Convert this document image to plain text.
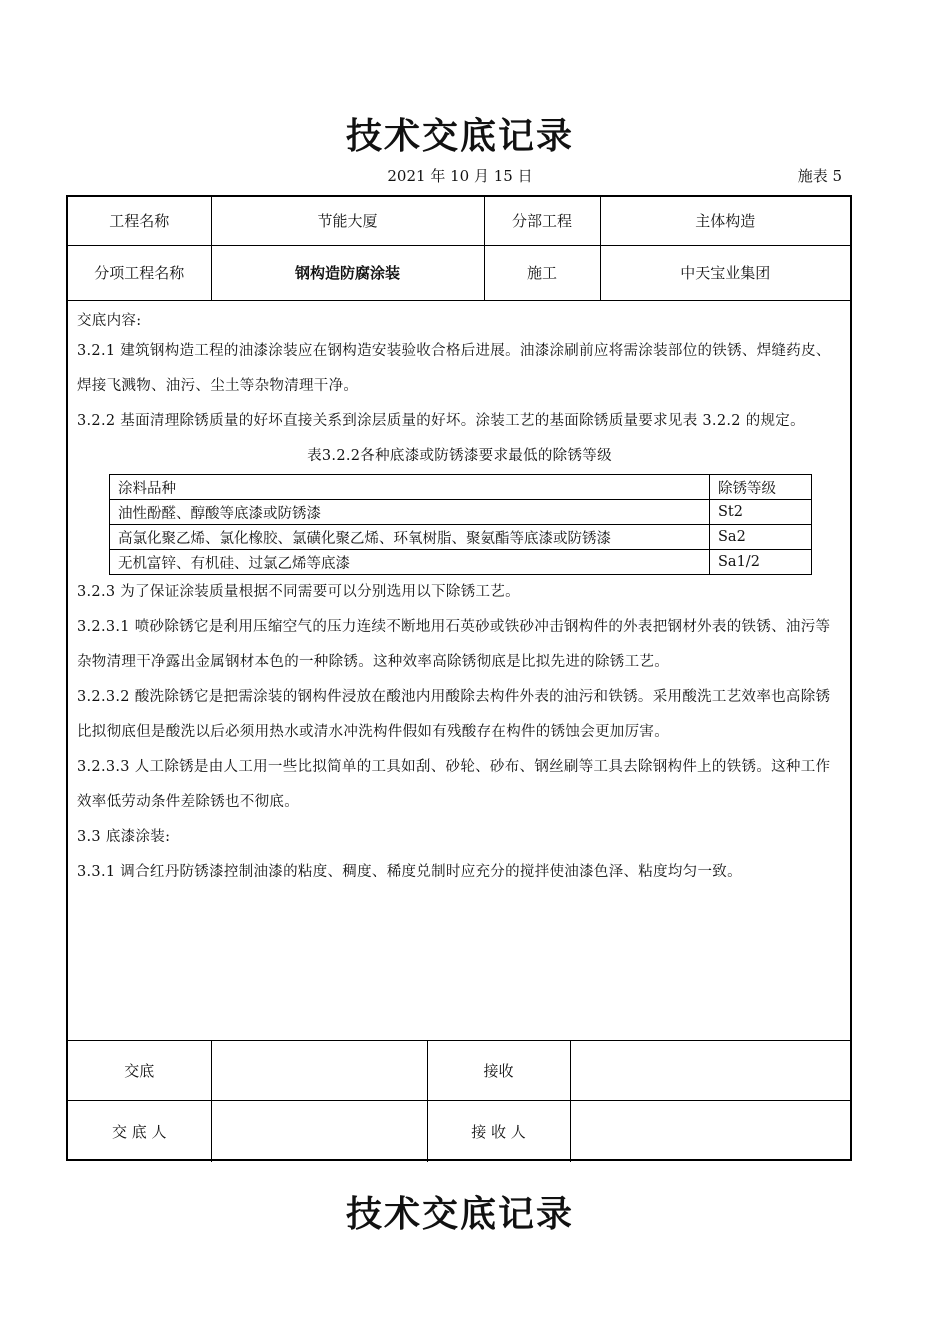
技术交底记录
2021 年 10 月 15 日	施表 5
工程名称	节能大厦	分部工程	主体构造
分项工程名称	钢构造防腐涂装	施工	中天宝业集团

交底内容:

3.2.1 建筑钢构造工程的油漆涂装应在钢构造安装验收合格后进展。油漆涂刷前应将需涂装部位的铁锈、焊缝药皮、焊接飞溅物、油污、尘土等杂物清理干净。

3.2.2 基面清理除锈质量的好坏直接关系到涂层质量的好坏。涂装工艺的基面除锈质量要求见表 3.2.2 的规定。

表3.2.2各种底漆或防锈漆要求最低的除锈等级

涂料品种	除锈等级
油性酚醛、醇酸等底漆或防锈漆	St2
高氯化聚乙烯、氯化橡胶、氯磺化聚乙烯、环氧树脂、聚氨酯等底漆或防锈漆	Sa2
无机富锌、有机硅、过氯乙烯等底漆	Sa1/2

3.2.3 为了保证涂装质量根据不同需要可以分别选用以下除锈工艺。

3.2.3.1 喷砂除锈它是利用压缩空气的压力连续不断地用石英砂或铁砂冲击钢构件的外表把钢材外表的铁锈、油污等杂物清理干净露出金属钢材本色的一种除锈。这种效率高除锈彻底是比拟先进的除锈工艺。

3.2.3.2 酸洗除锈它是把需涂装的钢构件浸放在酸池内用酸除去构件外表的油污和铁锈。采用酸洗工艺效率也高除锈比拟彻底但是酸洗以后必须用热水或清水冲洗构件假如有残酸存在构件的锈蚀会更加厉害。

3.2.3.3 人工除锈是由人工用一些比拟简单的工具如刮、砂轮、砂布、钢丝刷等工具去除钢构件上的铁锈。这种工作效率低劳动条件差除锈也不彻底。

3.3 底漆涂装:

3.3.1 调合红丹防锈漆控制油漆的粘度、稠度、稀度兑制时应充分的搅拌使油漆色泽、粘度均匀一致。

交底		接收	
交 底 人		接 收 人	
技术交底记录
